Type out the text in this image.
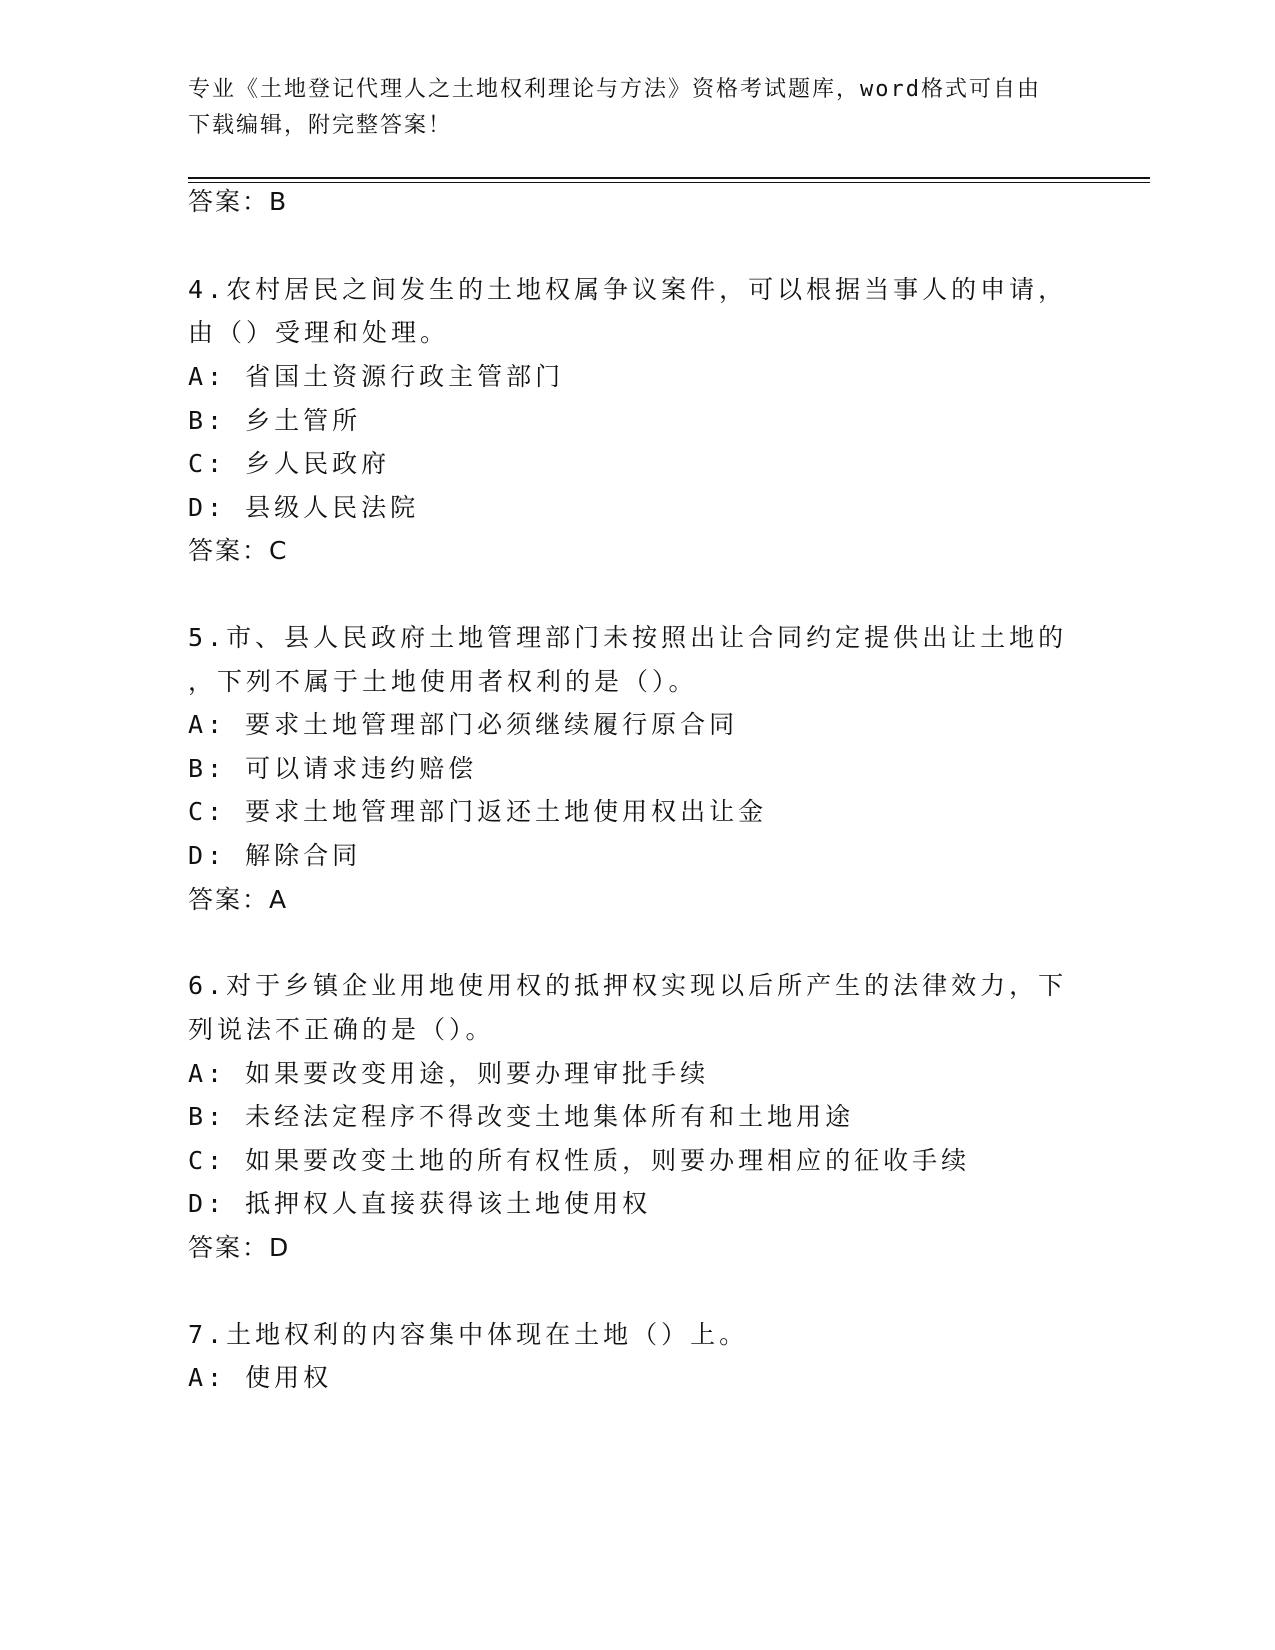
专业《土地登记代理人之土地权利理论与方法》资格考试题库，word格式可自由
下载编辑，附完整答案！
答案：B
4.农村居民之间发生的土地权属争议案件，可以根据当事人的申请，
由（）受理和处理。
A: 省国土资源行政主管部门
B: 乡土管所
C: 乡人民政府
D: 县级人民法院
答案：C
5.市、县人民政府土地管理部门未按照出让合同约定提供出让土地的
，下列不属于土地使用者权利的是（）。
A: 要求土地管理部门必须继续履行原合同
B: 可以请求违约赔偿
C: 要求土地管理部门返还土地使用权出让金
D: 解除合同
答案：A
6.对于乡镇企业用地使用权的抵押权实现以后所产生的法律效力，下
列说法不正确的是（）。
A: 如果要改变用途，则要办理审批手续
B: 未经法定程序不得改变土地集体所有和土地用途
C: 如果要改变土地的所有权性质，则要办理相应的征收手续
D: 抵押权人直接获得该土地使用权
答案：D
7.土地权利的内容集中体现在土地（）上。
A: 使用权
